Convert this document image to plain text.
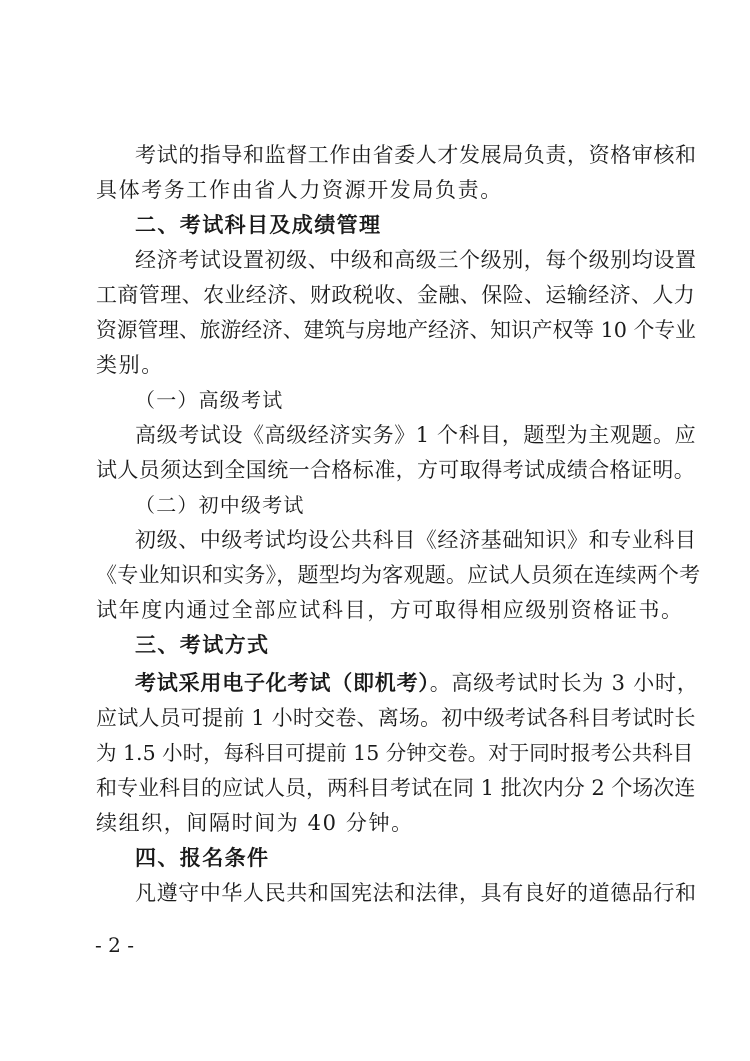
考试的指导和监督工作由省委人才发展局负责，资格审核和
具体考务工作由省人力资源开发局负责。
二、考试科目及成绩管理
经济考试设置初级、中级和高级三个级别，每个级别均设置
工商管理、农业经济、财政税收、金融、保险、运输经济、人力
资源管理、旅游经济、建筑与房地产经济、知识产权等 10 个专业
类别。
（一）高级考试
高级考试设《高级经济实务》1 个科目，题型为主观题。应
试人员须达到全国统一合格标准，方可取得考试成绩合格证明。
（二）初中级考试
初级、中级考试均设公共科目《经济基础知识》和专业科目
《专业知识和实务》，题型均为客观题。应试人员须在连续两个考
试年度内通过全部应试科目，方可取得相应级别资格证书。
三、考试方式
考试采用电子化考试（即机考）。高级考试时长为 3 小时，
应试人员可提前 1 小时交卷、离场。初中级考试各科目考试时长
为 1.5 小时，每科目可提前 15 分钟交卷。对于同时报考公共科目
和专业科目的应试人员，两科目考试在同 1 批次内分 2 个场次连
续组织，间隔时间为 40 分钟。
四、报名条件
凡遵守中华人民共和国宪法和法律，具有良好的道德品行和
- 2 -
